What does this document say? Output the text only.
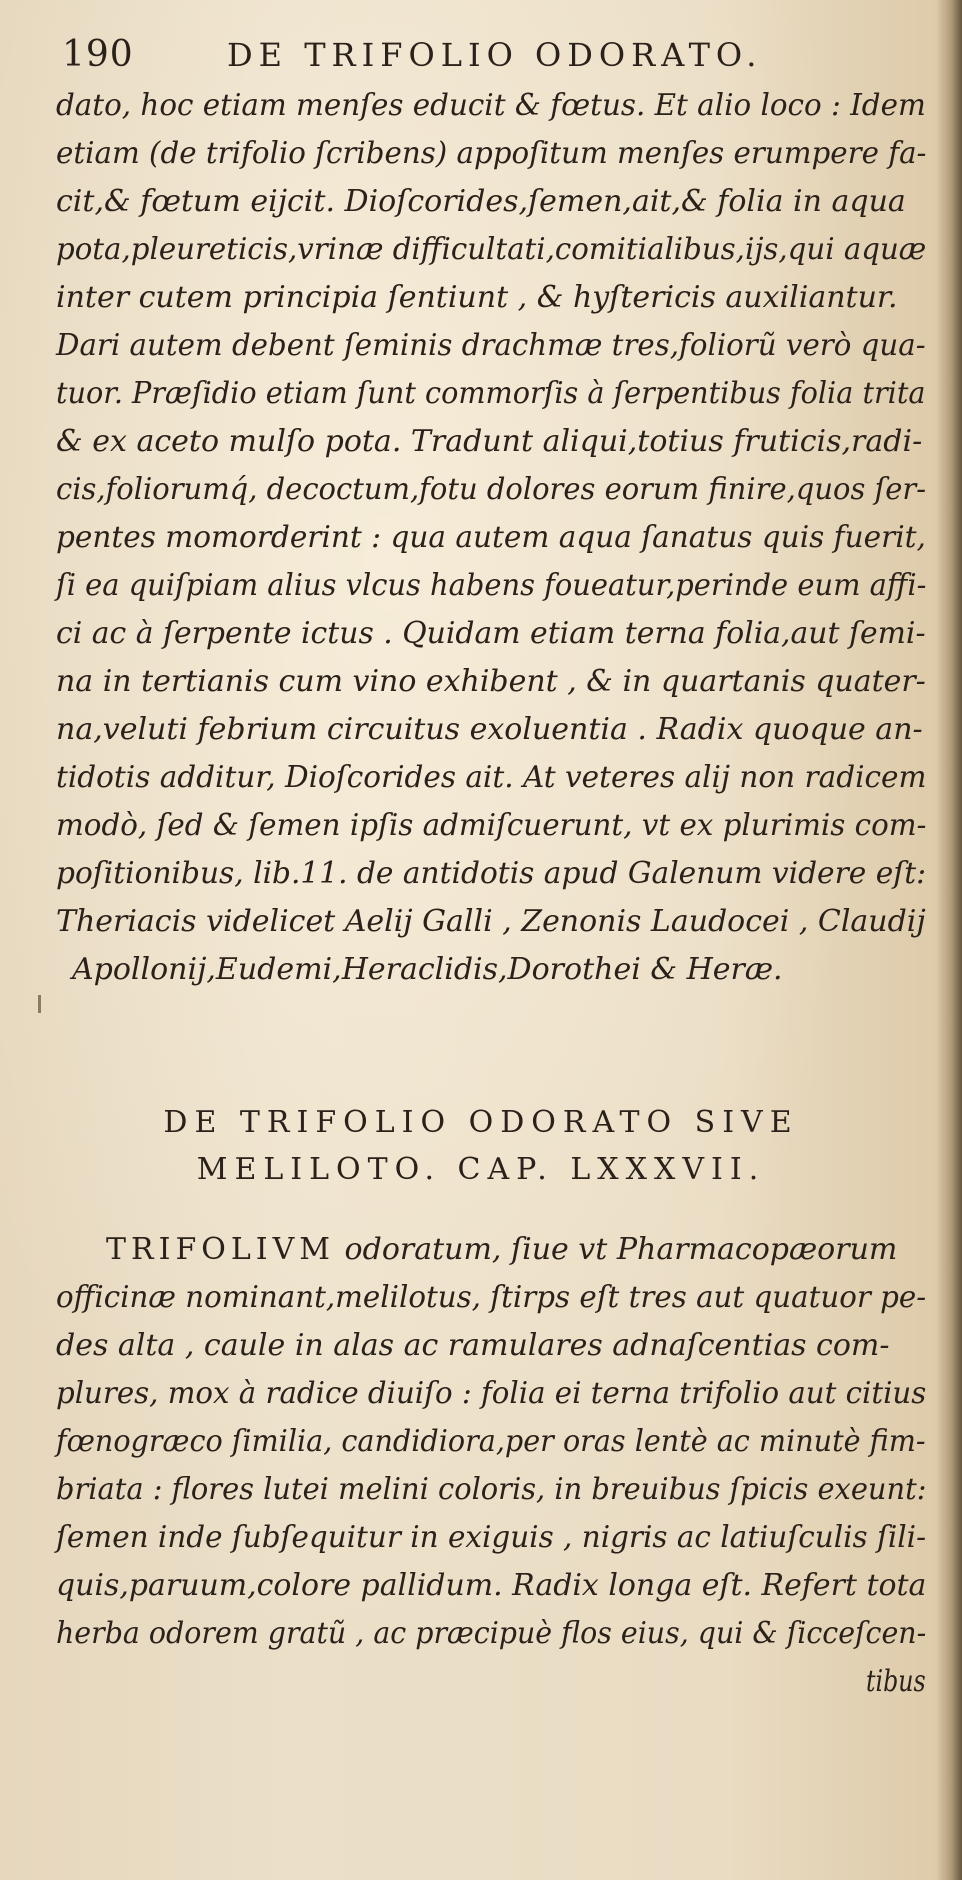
190	DE TRIFOLIO ODORATO.
dato, hoc etiam menſes educit & fœtus. Et alio loco : Idem
etiam (de trifolio ſcribens) appoſitum menſes erumpere fa-
cit,& fœtum eijcit. Dioſcorides,ſemen,ait,& folia in aqua
pota,pleureticis,vrinæ difficultati,comitialibus,ijs,qui aquæ
inter cutem principia ſentiunt , & hyſtericis auxiliantur.
Dari autem debent ſeminis drachmæ tres,foliorũ verò qua-
tuor. Præſidio etiam ſunt commorſis à ſerpentibus folia trita
& ex aceto mulſo pota. Tradunt aliqui,totius fruticis,radi-
cis,foliorumq́, decoctum,fotu dolores eorum finire,quos ſer-
pentes momorderint : qua autem aqua ſanatus quis fuerit,
ſi ea quiſpiam alius vlcus habens foueatur,perinde eum affi-
ci ac à ſerpente ictus . Quidam etiam terna folia,aut ſemi-
na in tertianis cum vino exhibent , & in quartanis quater-
na,veluti febrium circuitus exoluentia . Radix quoque an-
tidotis additur, Dioſcorides ait. At veteres alij non radicem
modò, ſed & ſemen ipſis admiſcuerunt, vt ex plurimis com-
poſitionibus, lib.11. de antidotis apud Galenum videre eſt:
Theriacis videlicet Aelij Galli , Zenonis Laudocei , Claudij
Apollonij,Eudemi,Heraclidis,Dorothei & Heræ.
DE TRIFOLIO ODORATO SIVE
MELILOTO. CAP. LXXXVII.
TRIFOLIVM odoratum, ſiue vt Pharmacopæorum
officinæ nominant,melilotus, ſtirps eſt tres aut quatuor pe-
des alta , caule in alas ac ramulares adnaſcentias com-
plures, mox à radice diuiſo : folia ei terna trifolio aut citius
fœnogræco ſimilia, candidiora,per oras lentè ac minutè fim-
briata : flores lutei melini coloris, in breuibus ſpicis exeunt:
ſemen inde ſubſequitur in exiguis , nigris ac latiuſculis ſili-
quis,paruum,colore pallidum. Radix longa eſt. Refert tota
herba odorem gratũ , ac præcipuè flos eius, qui & ſicceſcen-
tibus
